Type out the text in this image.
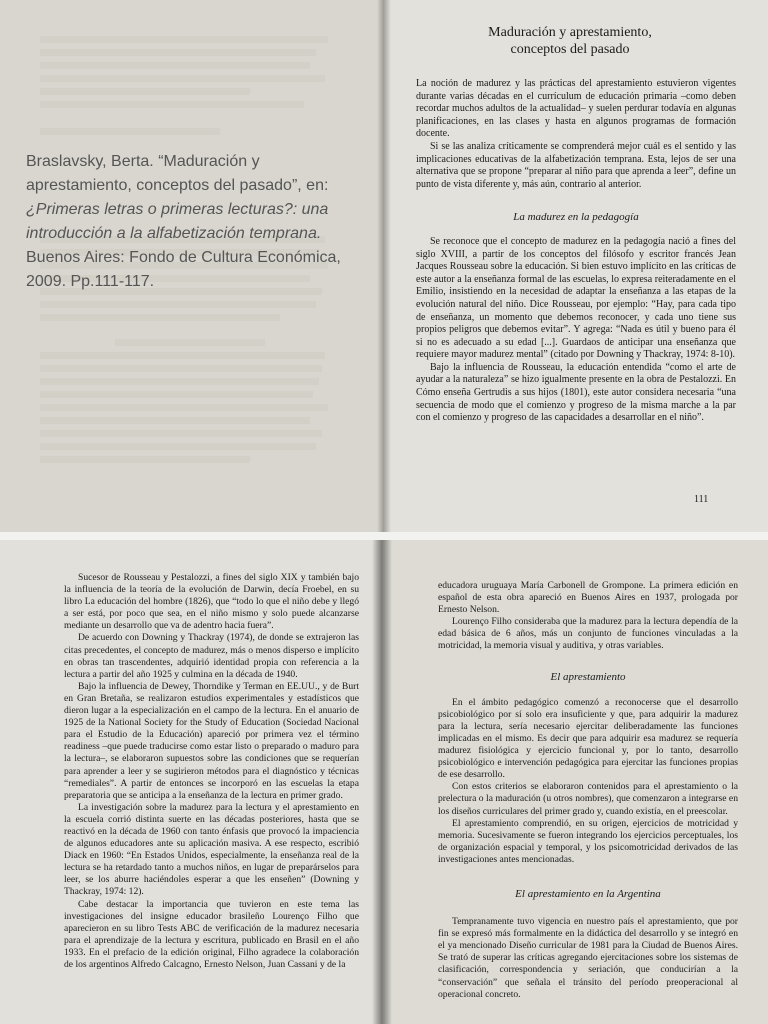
Braslavsky, Berta. “Maduración y aprestamiento, conceptos del pasado”, en: ¿Primeras letras o primeras lecturas?: una introducción a la alfabetización temprana. Buenos Aires: Fondo de Cultura Económica, 2009. Pp.111-117.
Maduración y aprestamiento,
conceptos del pasado

La noción de madurez y las prácticas del aprestamiento estuvieron vigentes durante varias décadas en el currículum de educación primaria –como deben recordar muchos adultos de la actualidad– y suelen perdurar todavía en algunas planificaciones, en las clases y hasta en algunos programas de formación docente.

Si se las analiza críticamente se comprenderá mejor cuál es el sentido y las implicaciones educativas de la alfabetización temprana. Esta, lejos de ser una alternativa que se propone “preparar al niño para que aprenda a leer”, define un punto de vista diferente y, más aún, contrario al anterior.

La madurez en la pedagogía

Se reconoce que el concepto de madurez en la pedagogía nació a fines del siglo XVIII, a partir de los conceptos del filósofo y escritor francés Jean Jacques Rousseau sobre la educación. Si bien estuvo implícito en las críticas de este autor a la enseñanza formal de las escuelas, lo expresa reiteradamente en el Emilio, insistiendo en la necesidad de adaptar la enseñanza a las etapas de la evolución natural del niño. Dice Rousseau, por ejemplo: “Hay, para cada tipo de enseñanza, un momento que debemos reconocer, y cada uno tiene sus propios peligros que debemos evitar”. Y agrega: “Nada es útil y bueno para él si no es adecuado a su edad [...]. Guardaos de anticipar una enseñanza que requiere mayor madurez mental” (citado por Downing y Thackray, 1974: 8-10).

Bajo la influencia de Rousseau, la educación entendida “como el arte de ayudar a la naturaleza” se hizo igualmente presente en la obra de Pestalozzi. En Cómo enseña Gertrudis a sus hijos (1801), este autor considera necesaria “una secuencia de modo que el comienzo y progreso de la misma marche a la par con el comienzo y progreso de las capacidades a desarrollar en el niño”.

111

Sucesor de Rousseau y Pestalozzi, a fines del siglo XIX y también bajo la influencia de la teoría de la evolución de Darwin, decía Froebel, en su libro La educación del hombre (1826), que “todo lo que el niño debe y llegó a ser está, por poco que sea, en el niño mismo y solo puede alcanzarse mediante un desarrollo que va de adentro hacia fuera”.

De acuerdo con Downing y Thackray (1974), de donde se extrajeron las citas precedentes, el concepto de madurez, más o menos disperso e implícito en obras tan trascendentes, adquirió identidad propia con referencia a la lectura a partir del año 1925 y culmina en la década de 1940.

Bajo la influencia de Dewey, Thorndike y Terman en EE.UU., y de Burt en Gran Bretaña, se realizaron estudios experimentales y estadísticos que dieron lugar a la especialización en el campo de la lectura. En el anuario de 1925 de la National Society for the Study of Education (Sociedad Nacional para el Estudio de la Educación) apareció por primera vez el término readiness –que puede traducirse como estar listo o preparado o maduro para la lectura–, se elaboraron supuestos sobre las condiciones que se requerían para aprender a leer y se sugirieron métodos para el diagnóstico y técnicas “remediales”. A partir de entonces se incorporó en las escuelas la etapa preparatoria que se anticipa a la enseñanza de la lectura en primer grado.

La investigación sobre la madurez para la lectura y el aprestamiento en la escuela corrió distinta suerte en las décadas posteriores, hasta que se reactivó en la década de 1960 con tanto énfasis que provocó la impaciencia de algunos educadores ante su aplicación masiva. A ese respecto, escribió Diack en 1960: “En Estados Unidos, especialmente, la enseñanza real de la lectura se ha retardado tanto a muchos niños, en lugar de preparárselos para leer, se los aburre haciéndoles esperar a que les enseñen” (Downing y Thackray, 1974: 12).

Cabe destacar la importancia que tuvieron en este tema las investigaciones del insigne educador brasileño Lourenço Filho que aparecieron en su libro Tests ABC de verificación de la madurez necesaria para el aprendizaje de la lectura y escritura, publicado en Brasil en el año 1933. En el prefacio de la edición original, Filho agradece la colaboración de los argentinos Alfredo Calcagno, Ernesto Nelson, Juan Cassani y de la

educadora uruguaya María Carbonell de Grompone. La primera edición en español de esta obra apareció en Buenos Aires en 1937, prologada por Ernesto Nelson.

Lourenço Filho consideraba que la madurez para la lectura dependía de la edad básica de 6 años, más un conjunto de funciones vinculadas a la motricidad, la memoria visual y auditiva, y otras variables.

El aprestamiento

En el ámbito pedagógico comenzó a reconocerse que el desarrollo psicobiológico por sí solo era insuficiente y que, para adquirir la madurez para la lectura, sería necesario ejercitar deliberadamente las funciones implicadas en el mismo. Es decir que para adquirir esa madurez se requería madurez fisiológica y ejercicio funcional y, por lo tanto, desarrollo psicobiológico e intervención pedagógica para ejercitar las funciones propias de ese desarrollo.

Con estos criterios se elaboraron contenidos para el aprestamiento o la prelectura o la maduración (u otros nombres), que comenzaron a integrarse en los diseños curriculares del primer grado y, cuando existía, en el preescolar.

El aprestamiento comprendió, en su origen, ejercicios de motricidad y memoria. Sucesivamente se fueron integrando los ejercicios perceptuales, los de organización espacial y temporal, y los psicomotricidad derivados de las investigaciones antes mencionadas.

El aprestamiento en la Argentina

Tempranamente tuvo vigencia en nuestro país el aprestamiento, que por fin se expresó más formalmente en la didáctica del desarrollo y se integró en el ya mencionado Diseño curricular de 1981 para la Ciudad de Buenos Aires. Se trató de superar las críticas agregando ejercitaciones sobre los sistemas de clasificación, correspondencia y seriación, que conducirían a la “conservación” que señala el tránsito del período preoperacional al operacional concreto.
